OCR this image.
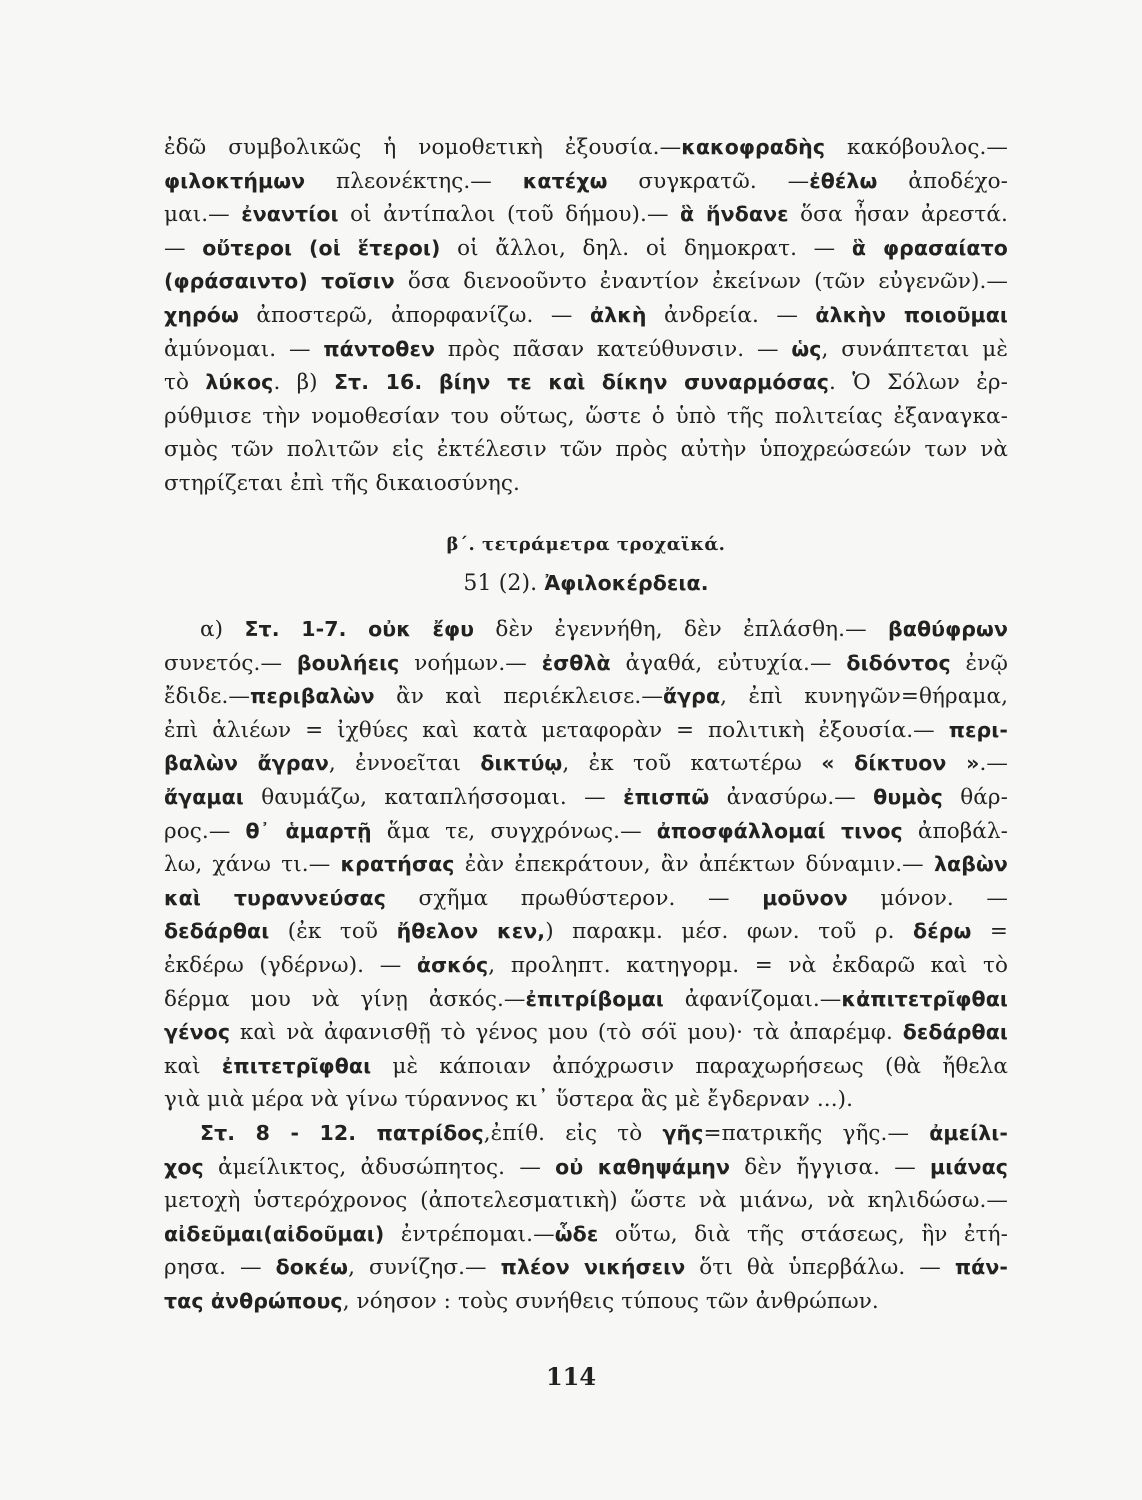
ἐδῶ συμβολικῶς ἡ νομοθετικὴ ἐξουσία.—κακοφραδὴς κακόβουλος.—
φιλοκτήμων πλεονέκτης.— κατέχω συγκρατῶ. —ἐθέλω ἀποδέχο-
μαι.— ἐναντίοι οἱ ἀντίπαλοι (τοῦ δήμου).— ἃ ἥνδανε ὅσα ἦσαν ἀρεστά.
— οὔτεροι (οἱ ἕτεροι) οἱ ἄλλοι, δηλ. οἱ δημοκρατ. — ἃ φρασαίατο
(φράσαιντο) τοῖσιν ὅσα διενοοῦντο ἐναντίον ἐκείνων (τῶν εὐγενῶν).—
χηρόω ἀποστερῶ, ἀπορφανίζω. — ἀλκὴ ἀνδρεία. — ἀλκὴν ποιοῦμαι
ἀμύνομαι. — πάντοθεν πρὸς πᾶσαν κατεύθυνσιν. — ὡς, συνάπτεται μὲ
τὸ λύκος. β) Στ. 16. βίην τε καὶ δίκην συναρμόσας. Ὁ Σόλων ἐρ-
ρύθμισε τὴν νομοθεσίαν του οὕτως, ὥστε ὁ ὑπὸ τῆς πολιτείας ἐξαναγκα-
σμὸς τῶν πολιτῶν εἰς ἐκτέλεσιν τῶν πρὸς αὐτὴν ὑποχρεώσεών των νὰ
στηρίζεται ἐπὶ τῆς δικαιοσύνης.
β΄. τετράμετρα τροχαϊκά.
51 (2). Ἀφιλοκέρδεια.
α) Στ. 1-7. οὐκ ἔφυ δὲν ἐγεννήθη, δὲν ἐπλάσθη.— βαθύφρων
συνετός.— βουλήεις νοήμων.— ἐσθλὰ ἀγαθά, εὐτυχία.— διδόντος ἐνῷ
ἔδιδε.—περιβαλὼν ἂν καὶ περιέκλεισε.—ἄγρα, ἐπὶ κυνηγῶν=θήραμα,
ἐπὶ ἁλιέων = ἰχθύες καὶ κατὰ μεταφορὰν = πολιτικὴ ἐξουσία.— περι-
βαλὼν ἄγραν, ἐννοεῖται δικτύῳ, ἐκ τοῦ κατωτέρω « δίκτυον ».—
ἄγαμαι θαυμάζω, καταπλήσσομαι. — ἐπισπῶ ἀνασύρω.— θυμὸς θάρ-
ρος.— θ᾽ ἁμαρτῇ ἅμα τε, συγχρόνως.— ἀποσφάλλομαί τινος ἀποβάλ-
λω, χάνω τι.— κρατήσας ἐὰν ἐπεκράτουν, ἂν ἀπέκτων δύναμιν.— λαβὼν
καὶ τυραννεύσας σχῆμα πρωθύστερον. — μοῦνον μόνον. —
δεδάρθαι (ἐκ τοῦ ἤθελον κεν,) παρακμ. μέσ. φων. τοῦ ρ. δέρω =
ἐκδέρω (γδέρνω). — ἀσκός, προληπτ. κατηγορμ. = νὰ ἐκδαρῶ καὶ τὸ
δέρμα μου νὰ γίνῃ ἀσκός.—ἐπιτρίβομαι ἀφανίζομαι.—κἀπιτετρῖφθαι
γένος καὶ νὰ ἀφανισθῇ τὸ γένος μου (τὸ σόϊ μου)· τὰ ἀπαρέμφ. δεδάρθαι
καὶ ἐπιτετρῖφθαι μὲ κάποιαν ἀπόχρωσιν παραχωρήσεως (θὰ ἤθελα
γιὰ μιὰ μέρα νὰ γίνω τύραννος κι᾽ ὕστερα ἃς μὲ ἔγδερναν ...).
Στ. 8 - 12. πατρίδος,ἐπίθ. εἰς τὸ γῆς=πατρικῆς γῆς.— ἀμείλι-
χος ἀμείλικτος, ἀδυσώπητος. — οὐ καθηψάμην δὲν ἤγγισα. — μιάνας
μετοχὴ ὑστερόχρονος (ἀποτελεσματικὴ) ὥστε νὰ μιάνω, νὰ κηλιδώσω.—
αἰδεῦμαι(αἰδοῦμαι) ἐντρέπομαι.—ὧδε οὕτω, διὰ τῆς στάσεως, ἣν ἐτή-
ρησα. — δοκέω, συνίζησ.— πλέον νικήσειν ὅτι θὰ ὑπερβάλω. — πάν-
τας ἀνθρώπους, νόησον : τοὺς συνήθεις τύπους τῶν ἀνθρώπων.
114
